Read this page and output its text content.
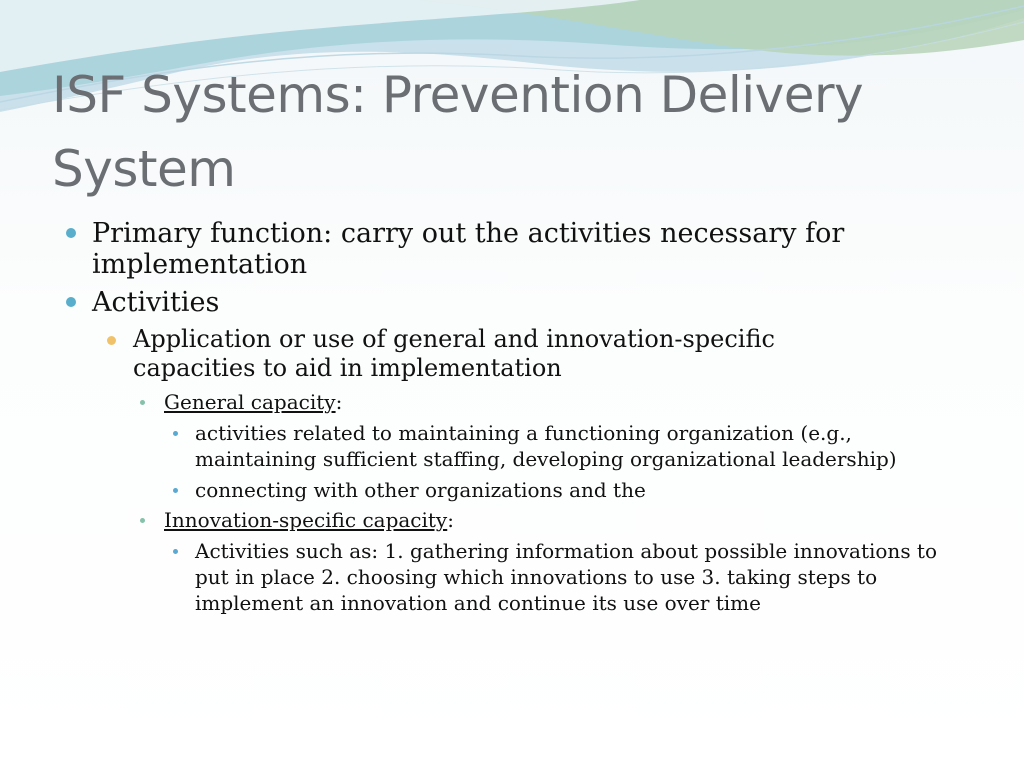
ISF Systems: Prevention Delivery System
Primary function: carry out the activities necessary for implementation
Activities
Application or use of general and innovation-specific capacities to aid in implementation
General capacity:
activities related to maintaining a functioning organization (e.g., maintaining sufficient staffing, developing organizational leadership)
connecting with other organizations and the
Innovation-specific capacity:
Activities such as: 1. gathering information about possible innovations to put in place 2. choosing which innovations to use 3. taking steps to implement an innovation and continue its use over time
